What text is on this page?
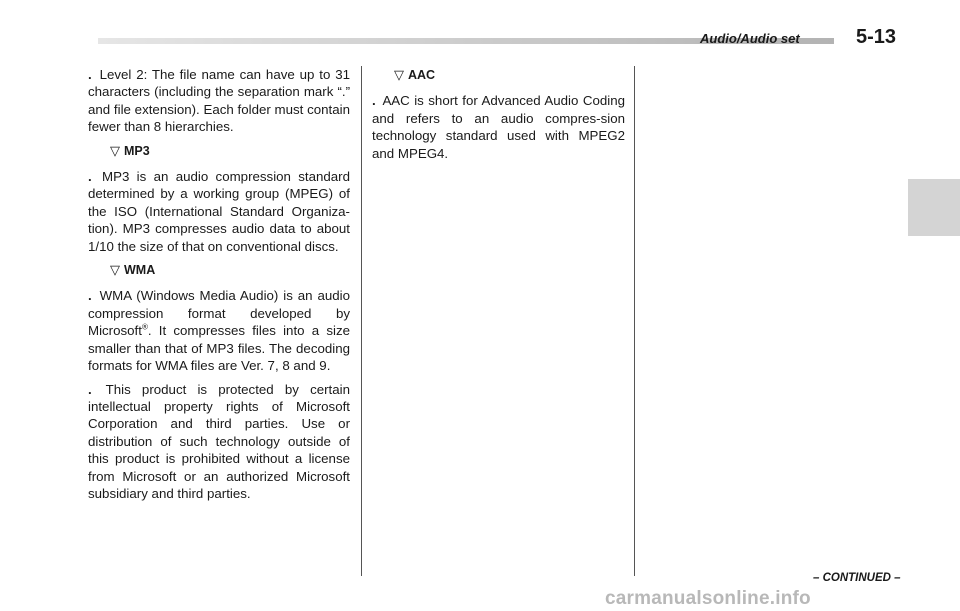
Audio/Audio set	5-13

. Level 2: The file name can have up to 31 characters (including the separation mark “.” and file extension). Each folder must contain fewer than 8 hierarchies.

▽ MP3

. MP3 is an audio compression standard determined by a working group (MPEG) of the ISO (International Standard Organiza-tion). MP3 compresses audio data to about 1/10 the size of that on conventional discs.

▽ WMA

. WMA (Windows Media Audio) is an audio compression format developed by Microsoft®. It compresses files into a size smaller than that of MP3 files. The decoding formats for WMA files are Ver. 7, 8 and 9.

. This product is protected by certain intellectual property rights of Microsoft Corporation and third parties. Use or distribution of such technology outside of this product is prohibited without a license from Microsoft or an authorized Microsoft subsidiary and third parties.

▽ AAC

. AAC is short for Advanced Audio Coding and refers to an audio compres-sion technology standard used with MPEG2 and MPEG4.

– CONTINUED –
carmanualsonline.info
